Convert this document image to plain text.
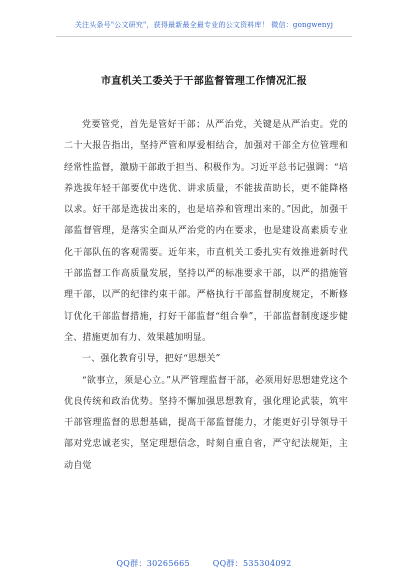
关注头条号"公文研究"，获得最新最全最专业的公文资料库！ 微信：gongwenyj
市直机关工委关于干部监督管理工作情况汇报

党要管党，首先是管好干部；从严治党，关键是从严治吏。党的二十大报告指出，坚持严管和厚爱相结合，加强对干部全方位管理和经常性监督，激励干部敢于担当、积极作为。习近平总书记强调：“培养选拔年轻干部要优中选优、讲求质量，不能拔苗助长，更不能降格以求。好干部是选拔出来的，也是培养和管理出来的。”因此，加强干部监督管理，是落实全面从严治党的内在要求，也是建设高素质专业化干部队伍的客观需要。近年来，市直机关工委扎实有效推进新时代干部监督工作高质量发展，坚持以严的标准要求干部，以严的措施管理干部，以严的纪律约束干部。严格执行干部监督制度规定，不断修订优化干部监督措施，打好干部监督“组合拳”，干部监督制度逐步健全、措施更加有力、效果越加明显。

一、强化教育引导，把好“思想关”

“欲事立，须是心立。”从严管理监督干部，必须用好思想建党这个优良传统和政治优势。坚持不懈加强思想教育，强化理论武装，筑牢干部管理监督的思想基础，提高干部监督能力，才能更好引导领导干部对党忠诚老实，坚定理想信念，时刻自重自省，严守纪法规矩，主动自觉

QQ群：30265665	QQ群：535304092
